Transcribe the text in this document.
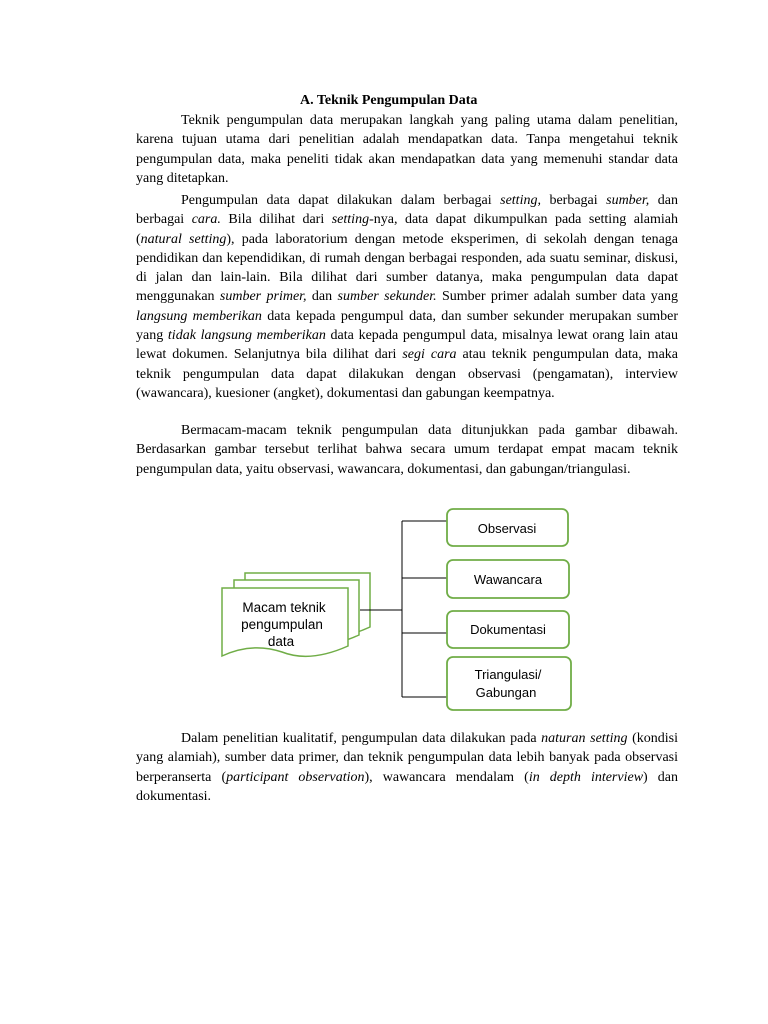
A. Teknik Pengumpulan Data

Teknik pengumpulan data merupakan langkah yang paling utama dalam penelitian, karena tujuan utama dari penelitian adalah mendapatkan data. Tanpa mengetahui teknik pengumpulan data, maka peneliti tidak akan mendapatkan data yang memenuhi standar data yang ditetapkan.

Pengumpulan data dapat dilakukan dalam berbagai setting, berbagai sumber, dan berbagai cara. Bila dilihat dari setting-nya, data dapat dikumpulkan pada setting alamiah (natural setting), pada laboratorium dengan metode eksperimen, di sekolah dengan tenaga pendidikan dan kependidikan, di rumah dengan berbagai responden, ada suatu seminar, diskusi, di jalan dan lain-lain. Bila dilihat dari sumber datanya, maka pengumpulan data dapat menggunakan sumber primer, dan sumber sekunder. Sumber primer adalah sumber data yang langsung memberikan data kepada pengumpul data, dan sumber sekunder merupakan sumber yang tidak langsung memberikan data kepada pengumpul data, misalnya lewat orang lain atau lewat dokumen. Selanjutnya bila dilihat dari segi cara atau teknik pengumpulan data, maka teknik pengumpulan data dapat dilakukan dengan observasi (pengamatan), interview (wawancara), kuesioner (angket), dokumentasi dan gabungan keempatnya.

Bermacam-macam teknik pengumpulan data ditunjukkan pada gambar dibawah. Berdasarkan gambar tersebut terlihat bahwa secara umum terdapat empat macam teknik pengumpulan data, yaitu observasi, wawancara, dokumentasi, dan gabungan/triangulasi.

Macam teknik
pengumpulan
data
Observasi
Wawancara
Dokumentasi
Triangulasi/
Gabungan

Dalam penelitian kualitatif, pengumpulan data dilakukan pada naturan setting (kondisi yang alamiah), sumber data primer, dan teknik pengumpulan data lebih banyak pada observasi berperanserta (participant observation), wawancara mendalam (in depth interview) dan dokumentasi.
